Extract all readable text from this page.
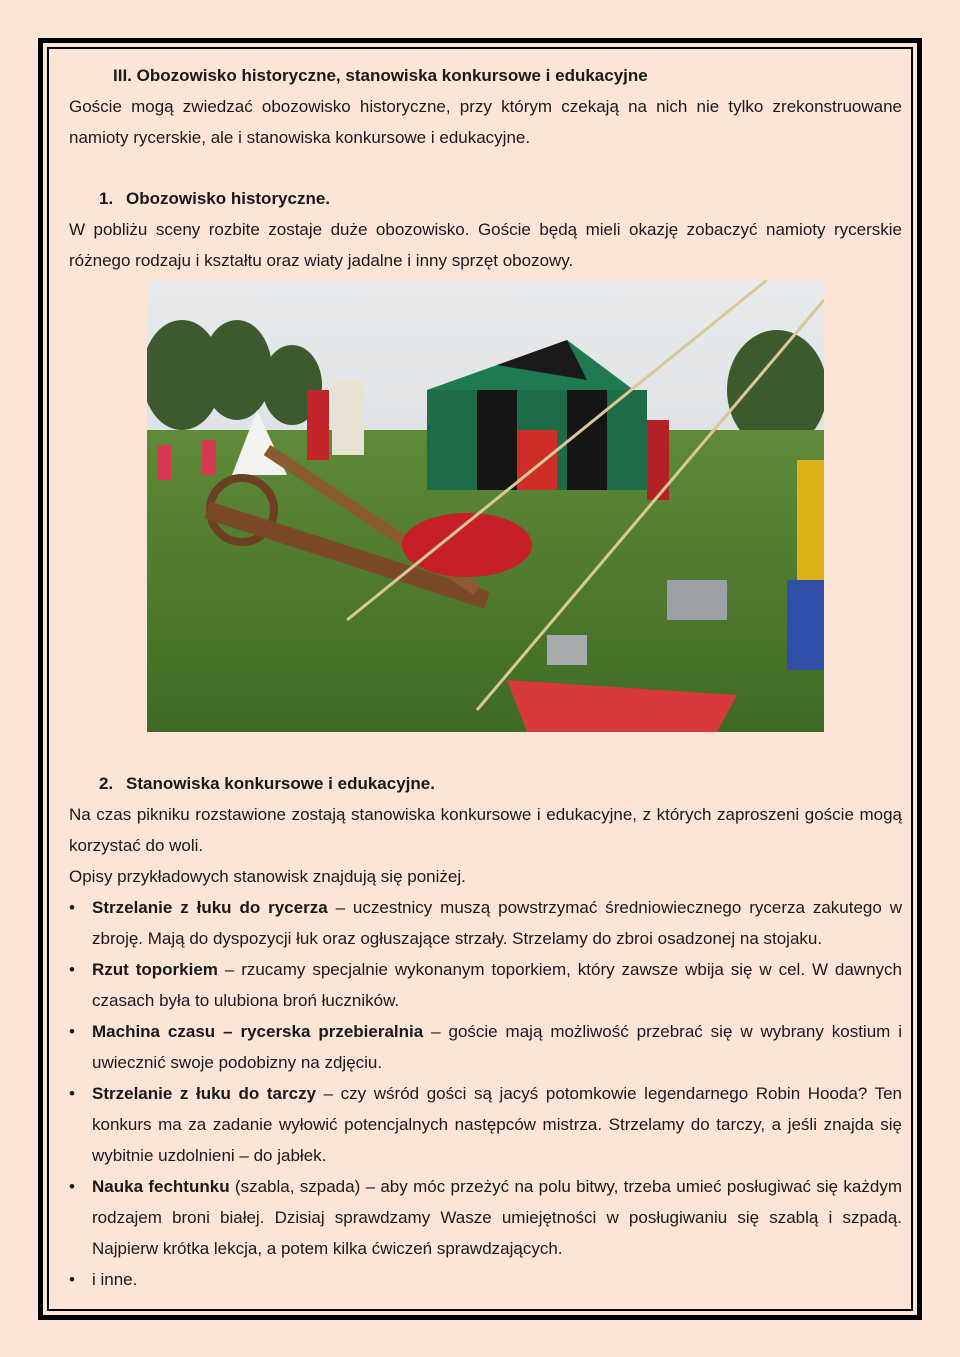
III. Obozowisko historyczne, stanowiska konkursowe i edukacyjne

Goście mogą zwiedzać obozowisko historyczne, przy którym czekają na nich nie tylko zrekonstruowane namioty rycerskie, ale i stanowiska konkursowe i edukacyjne.

1. Obozowisko historyczne.

W pobliżu sceny rozbite zostaje duże obozowisko. Goście będą mieli okazję zobaczyć namioty rycerskie różnego rodzaju i kształtu oraz wiaty jadalne i inny sprzęt obozowy.

2. Stanowiska konkursowe i edukacyjne.

Na czas pikniku rozstawione zostają stanowiska konkursowe i edukacyjne, z których zaproszeni goście mogą korzystać do woli.

Opisy przykładowych stanowisk znajdują się poniżej.

• Strzelanie z łuku do rycerza – uczestnicy muszą powstrzymać średniowiecznego rycerza zakutego w zbroję. Mają do dyspozycji łuk oraz ogłuszające strzały. Strzelamy do zbroi osadzonej na stojaku.
• Rzut toporkiem – rzucamy specjalnie wykonanym toporkiem, który zawsze wbija się w cel. W dawnych czasach była to ulubiona broń łuczników.
• Machina czasu – rycerska przebieralnia – goście mają możliwość przebrać się w wybrany kostium i uwiecznić swoje podobizny na zdjęciu.
• Strzelanie z łuku do tarczy – czy wśród gości są jacyś potomkowie legendarnego Robin Hooda? Ten konkurs ma za zadanie wyłowić potencjalnych następców mistrza. Strzelamy do tarczy, a jeśli znajda się wybitnie uzdolnieni – do jabłek.
• Nauka fechtunku (szabla, szpada) – aby móc przeżyć na polu bitwy, trzeba umieć posługiwać się każdym rodzajem broni białej. Dzisiaj sprawdzamy Wasze umiejętności w posługiwaniu się szablą i szpadą. Najpierw krótka lekcja, a potem kilka ćwiczeń sprawdzających.
• i inne.
